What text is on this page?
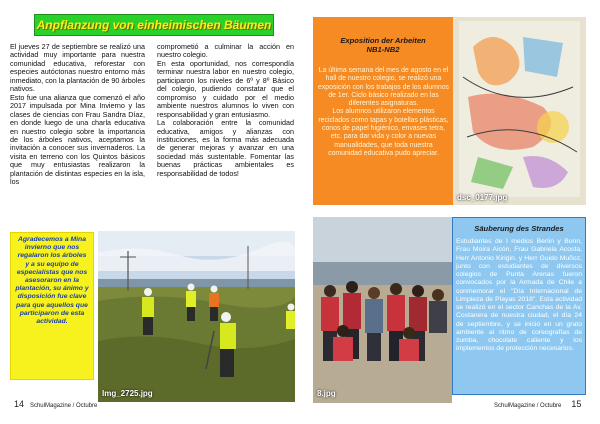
Anpflanzung von einheimischen Bäumen

El jueves 27 de septiembre se realizó una actividad muy importante para nuestra comunidad educativa, reforestar con especies autóctonas nuestro entorno más inmediato, con la plantación de 90 árboles nativos.

Esto fue una alianza que comenzó el año 2017 impulsada por Mina Invierno y las clases de ciencias con Frau Sandra Díaz, en donde luego de una charla educativa en nuestro colegio sobre la importancia de los árboles nativos, aceptamos la invitación a conocer sus invernaderos. La visita en terreno con los Quintos básicos que muy entusiastas realizaron la plantación de distintas especies en la isla, los

comprometió a culminar la acción en nuestro colegio.

En esta oportunidad, nos correspondía terminar nuestra labor en nuestro colegio, participaron los niveles de 6º y 8º Básico del colegio, pudiendo constatar que el compromiso y cuidado por el medio ambiente nuestros alumnos lo viven con responsabilidad y gran entusiasmo.

La colaboración entre la comunidad educativa, amigos y alianzas con instituciones, es la forma más adecuada de generar mejoras y avanzar en una sociedad más sustentable. Fomentar las buenas prácticas ambientales es responsabilidad de todos!

Agradecemos a Mina invierno que nos regalaron los árboles y a su equipo de especialistas que nos asesoraron en la plantación, su ánimo y disposición fue clave para que aquellos que participaron de esta actividad.
Img_2725.jpg
14 SchulMagazine / Octubre
Exposition der Arbeiten
NB1-NB2

La última semana del mes de agosto en el hall de nuestro colegio, se realizó una exposición con los trabajos de los alumnos de 1er. Ciclo básico realizado en las diferentes asignaturas.

Los alumnos utilizaron elementos reciclados como tapas y botellas plásticas, conos de papel higiénico, envases tetra, etc. para dar vida y color a nuevas manualidades, que toda nuestra comunidad educativa pudo apreciar.

dsc_0177.jpg
8.jpg
Säuberung des Strandes
Estudiantes de I medios Berlin y Bonn, Frau Moira Aicón, Frau Gabriela Acosta, Herr Antonio Kirigin. y Herr Guido Muñoz, junto con estudiantes de diversos colegios de Punta Arenas fueron convocados por la Armada de Chile a conmemorar el "Día Internacional de Limpieza de Playas 2018". Esta actividad se realizó en el sector Canchas de la Av. Costanera de nuestra ciudad, el día 24 de septiembre, y se inició en un grato ambiente al ritmo de coreografías de zumba, chocolate caliente y los implementos de protección necesarios.
SchulMagazine / Octubre 15
